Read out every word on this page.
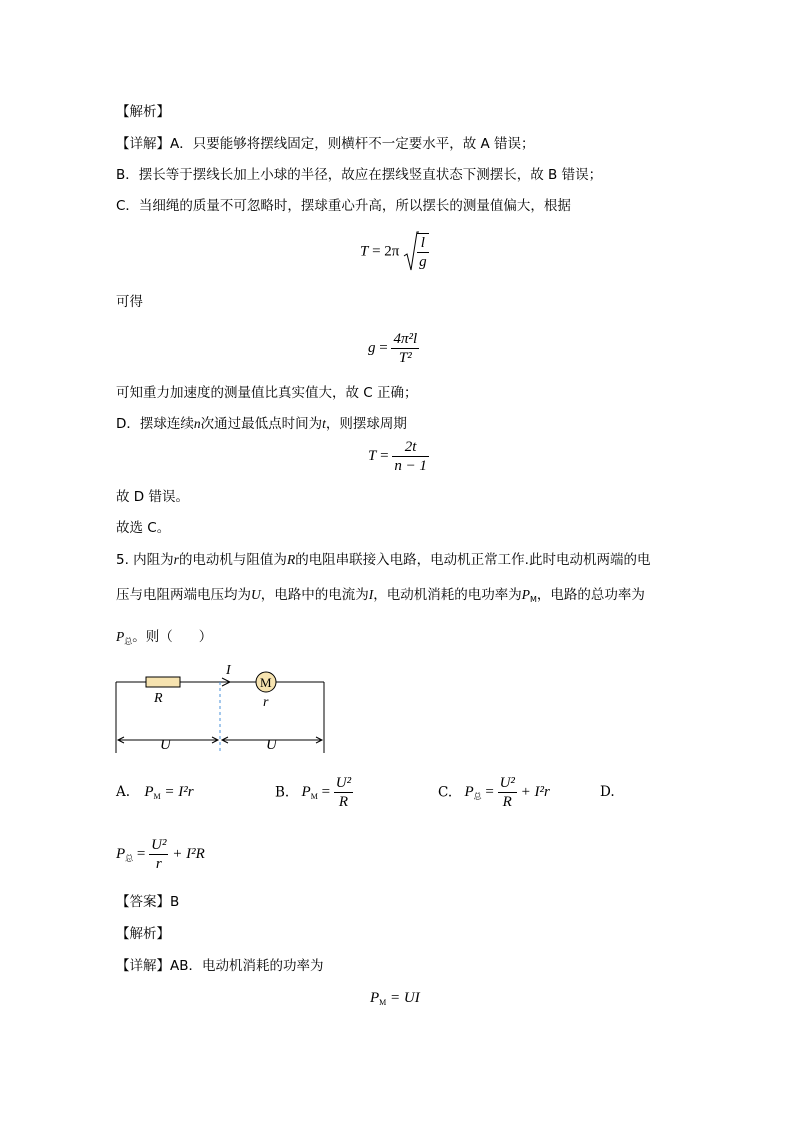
【解析】
【详解】A．只要能够将摆线固定，则横杆不一定要水平，故 A 错误；
B．摆长等于摆线长加上小球的半径，故应在摆线竖直状态下测摆长，故 B 错误；
C．当细绳的质量不可忽略时，摆球重心升高，所以摆长的测量值偏大，根据
$T = 2\pi \frac{l}{g}$
可得
$g = \frac{\text{4π²l}}{\text{T²}}$
可知重力加速度的测量值比真实值大，故 C 正确；
D．摆球连续n次通过最低点时间为t，则摆球周期
$T = \frac{2t}{n - 1}$
故 D 错误。
故选 C。
5. 内阻为r的电动机与阻值为R的电阻串联接入电路，电动机正常工作.此时电动机两端的电
压与电阻两端电压均为U，电路中的电流为I，电动机消耗的电功率为$P_M$，电路的总功率为
$P_总$。则（ ）
R
I
M
r
U	U
A. $P_M = I^2r$	B. $P_M = \frac{\text{U²}}{R}$	C. $P_总 = \frac{\text{U²}}{R} + I^2r$	D.
$P_总 = \frac{\text{U²}}{r} + I^2R$
【答案】B
【解析】
【详解】AB．电动机消耗的功率为
$P_M$ = UI
